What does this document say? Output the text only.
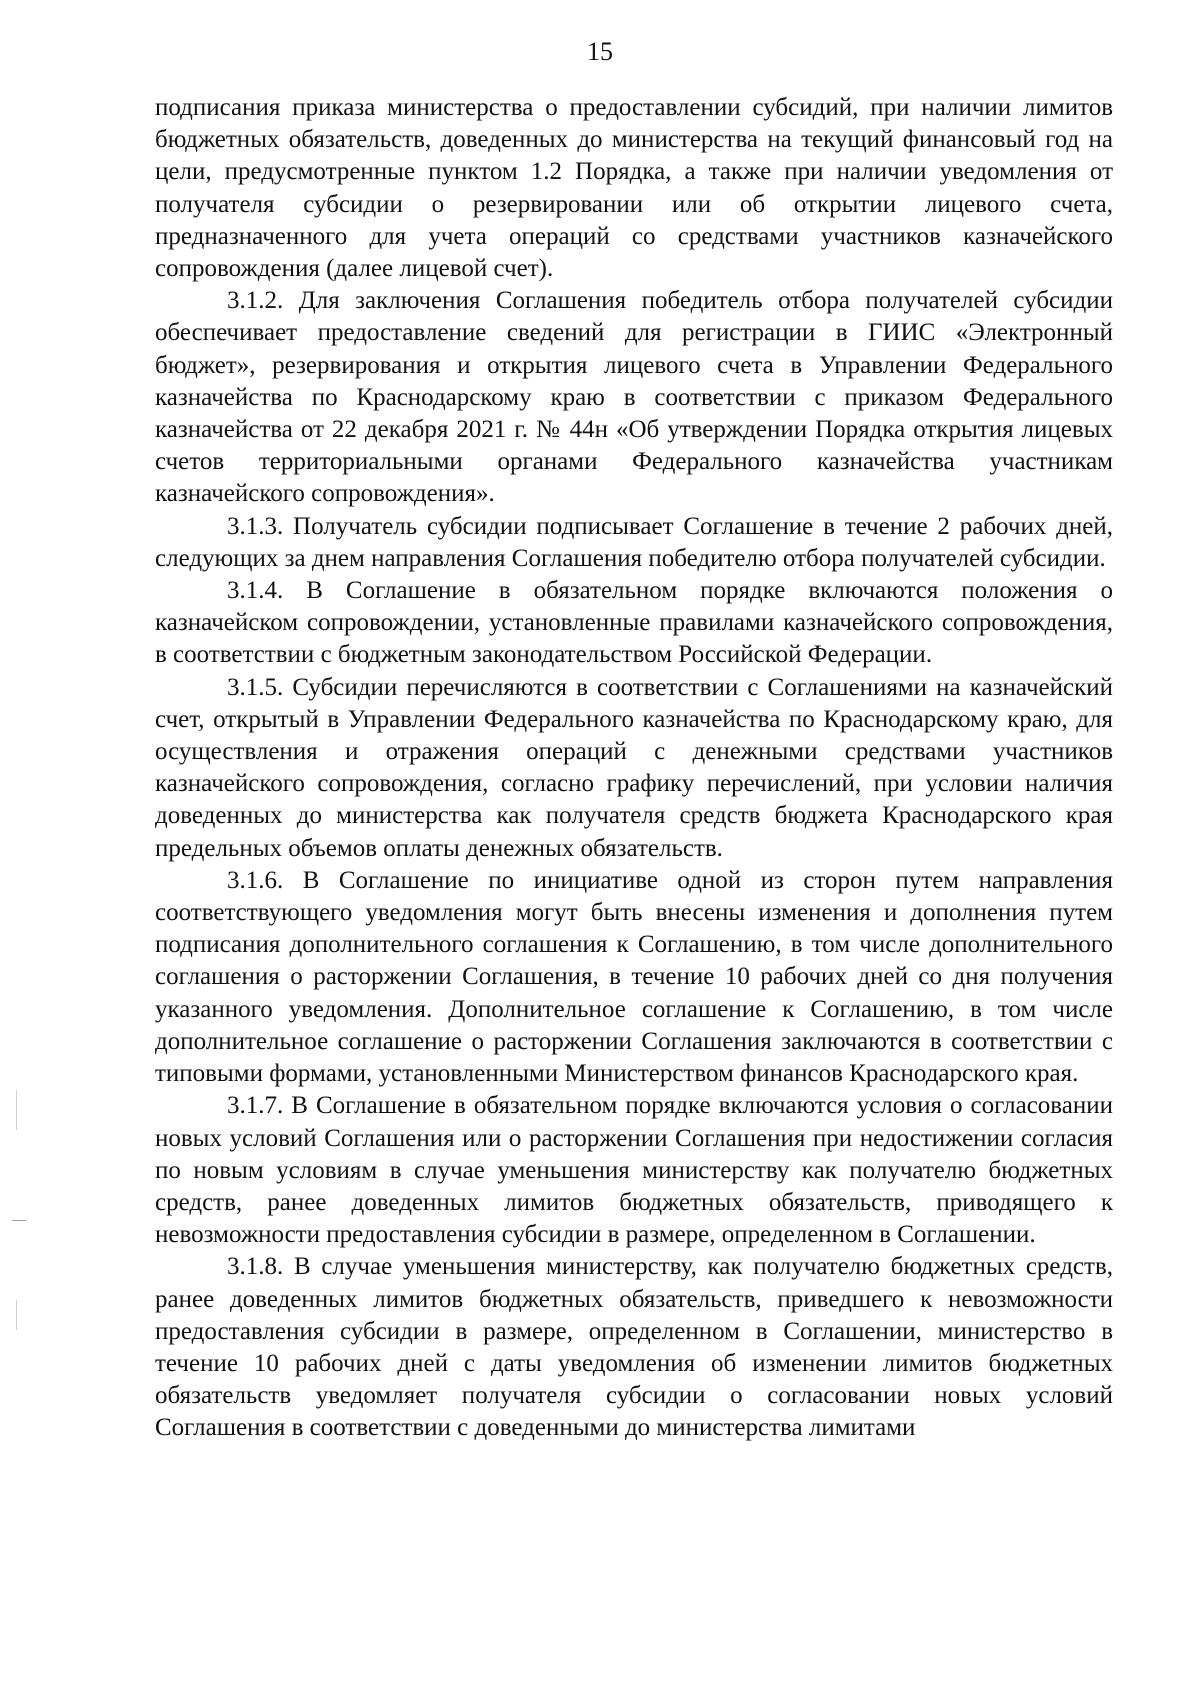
15

подписания приказа министерства о предоставлении субсидий, при наличии лимитов бюджетных обязательств, доведенных до министерства на текущий финансовый год на цели, предусмотренные пунктом 1.2 Порядка, а также при наличии уведомления от получателя субсидии о резервировании или об открытии лицевого счета, предназначенного для учета операций со средствами участников казначейского сопровождения (далее лицевой счет).

3.1.2. Для заключения Соглашения победитель отбора получателей субсидии обеспечивает предоставление сведений для регистрации в ГИИС «Электронный бюджет», резервирования и открытия лицевого счета в Управлении Федерального казначейства по Краснодарскому краю в соответствии с приказом Федерального казначейства от 22 декабря 2021 г. № 44н «Об утверждении Порядка открытия лицевых счетов территориальными органами Федерального казначейства участникам казначейского сопровождения».

3.1.3. Получатель субсидии подписывает Соглашение в течение 2 рабочих дней, следующих за днем направления Соглашения победителю отбора получателей субсидии.

3.1.4. В Соглашение в обязательном порядке включаются положения о казначейском сопровождении, установленные правилами казначейского сопровождения, в соответствии с бюджетным законодательством Российской Федерации.

3.1.5. Субсидии перечисляются в соответствии с Соглашениями на казначейский счет, открытый в Управлении Федерального казначейства по Краснодарскому краю, для осуществления и отражения операций с денежными средствами участников казначейского сопровождения, согласно графику перечислений, при условии наличия доведенных до министерства как получателя средств бюджета Краснодарского края предельных объемов оплаты денежных обязательств.

3.1.6. В Соглашение по инициативе одной из сторон путем направления соответствующего уведомления могут быть внесены изменения и дополнения путем подписания дополнительного соглашения к Соглашению, в том числе дополнительного соглашения о расторжении Соглашения, в течение 10 рабочих дней со дня получения указанного уведомления. Дополнительное соглашение к Соглашению, в том числе дополнительное соглашение о расторжении Соглашения заключаются в соответствии с типовыми формами, установленными Министерством финансов Краснодарского края.

3.1.7. В Соглашение в обязательном порядке включаются условия о согласовании новых условий Соглашения или о расторжении Соглашения при недостижении согласия по новым условиям в случае уменьшения министерству как получателю бюджетных средств, ранее доведенных лимитов бюджетных обязательств, приводящего к невозможности предоставления субсидии в размере, определенном в Соглашении.

3.1.8. В случае уменьшения министерству, как получателю бюджетных средств, ранее доведенных лимитов бюджетных обязательств, приведшего к невозможности предоставления субсидии в размере, определенном в Соглашении, министерство в течение 10 рабочих дней с даты уведомления об изменении лимитов бюджетных обязательств уведомляет получателя субсидии о согласовании новых условий Соглашения в соответствии с доведенными до министерства лимитами
